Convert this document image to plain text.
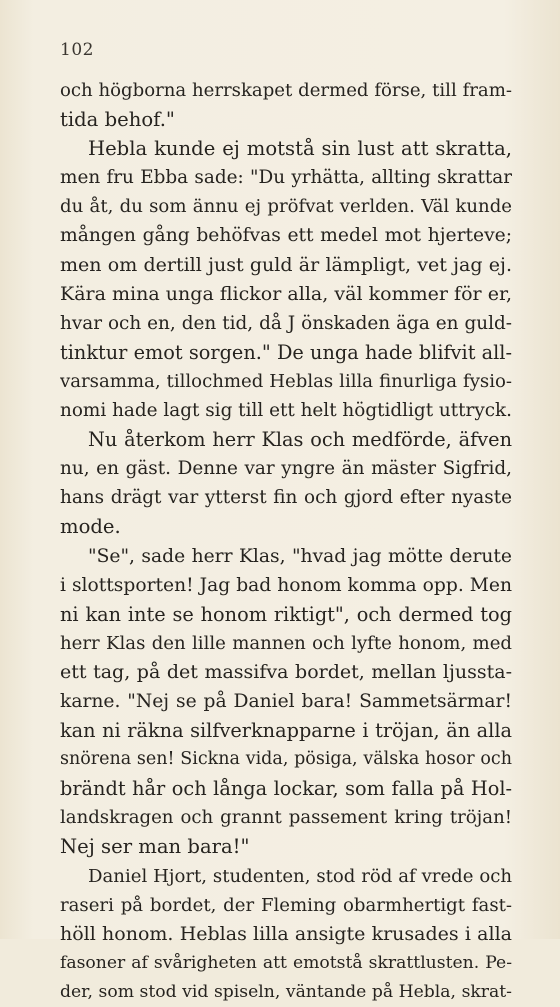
102
och högborna herrskapet dermed förse, till fram-
tida behof."
Hebla kunde ej motstå sin lust att skratta,
men fru Ebba sade: "Du yrhätta, allting skrattar
du åt, du som ännu ej pröfvat verlden. Väl kunde
mången gång behöfvas ett medel mot hjerteve;
men om dertill just guld är lämpligt, vet jag ej.
Kära mina unga flickor alla, väl kommer för er,
hvar och en, den tid, då J önskaden äga en guld-
tinktur emot sorgen." De unga hade blifvit all-
varsamma, tillochmed Heblas lilla finurliga fysio-
nomi hade lagt sig till ett helt högtidligt uttryck.
Nu återkom herr Klas och medförde, äfven
nu, en gäst. Denne var yngre än mäster Sigfrid,
hans drägt var ytterst fin och gjord efter nyaste
mode.
"Se", sade herr Klas, "hvad jag mötte derute
i slottsporten! Jag bad honom komma opp. Men
ni kan inte se honom riktigt", och dermed tog
herr Klas den lille mannen och lyfte honom, med
ett tag, på det massifva bordet, mellan ljussta-
karne. "Nej se på Daniel bara! Sammetsärmar!
kan ni räkna silfverknapparne i tröjan, än alla
snörena sen! Sickna vida, pösiga, välska hosor och
brändt hår och långa lockar, som falla på Hol-
landskragen och grannt passement kring tröjan!
Nej ser man bara!"
Daniel Hjort, studenten, stod röd af vrede och
raseri på bordet, der Fleming obarmhertigt fast-
höll honom. Heblas lilla ansigte krusades i alla
fasoner af svårigheten att emotstå skrattlusten. Pe-
der, som stod vid spiseln, väntande på Hebla, skrat-
